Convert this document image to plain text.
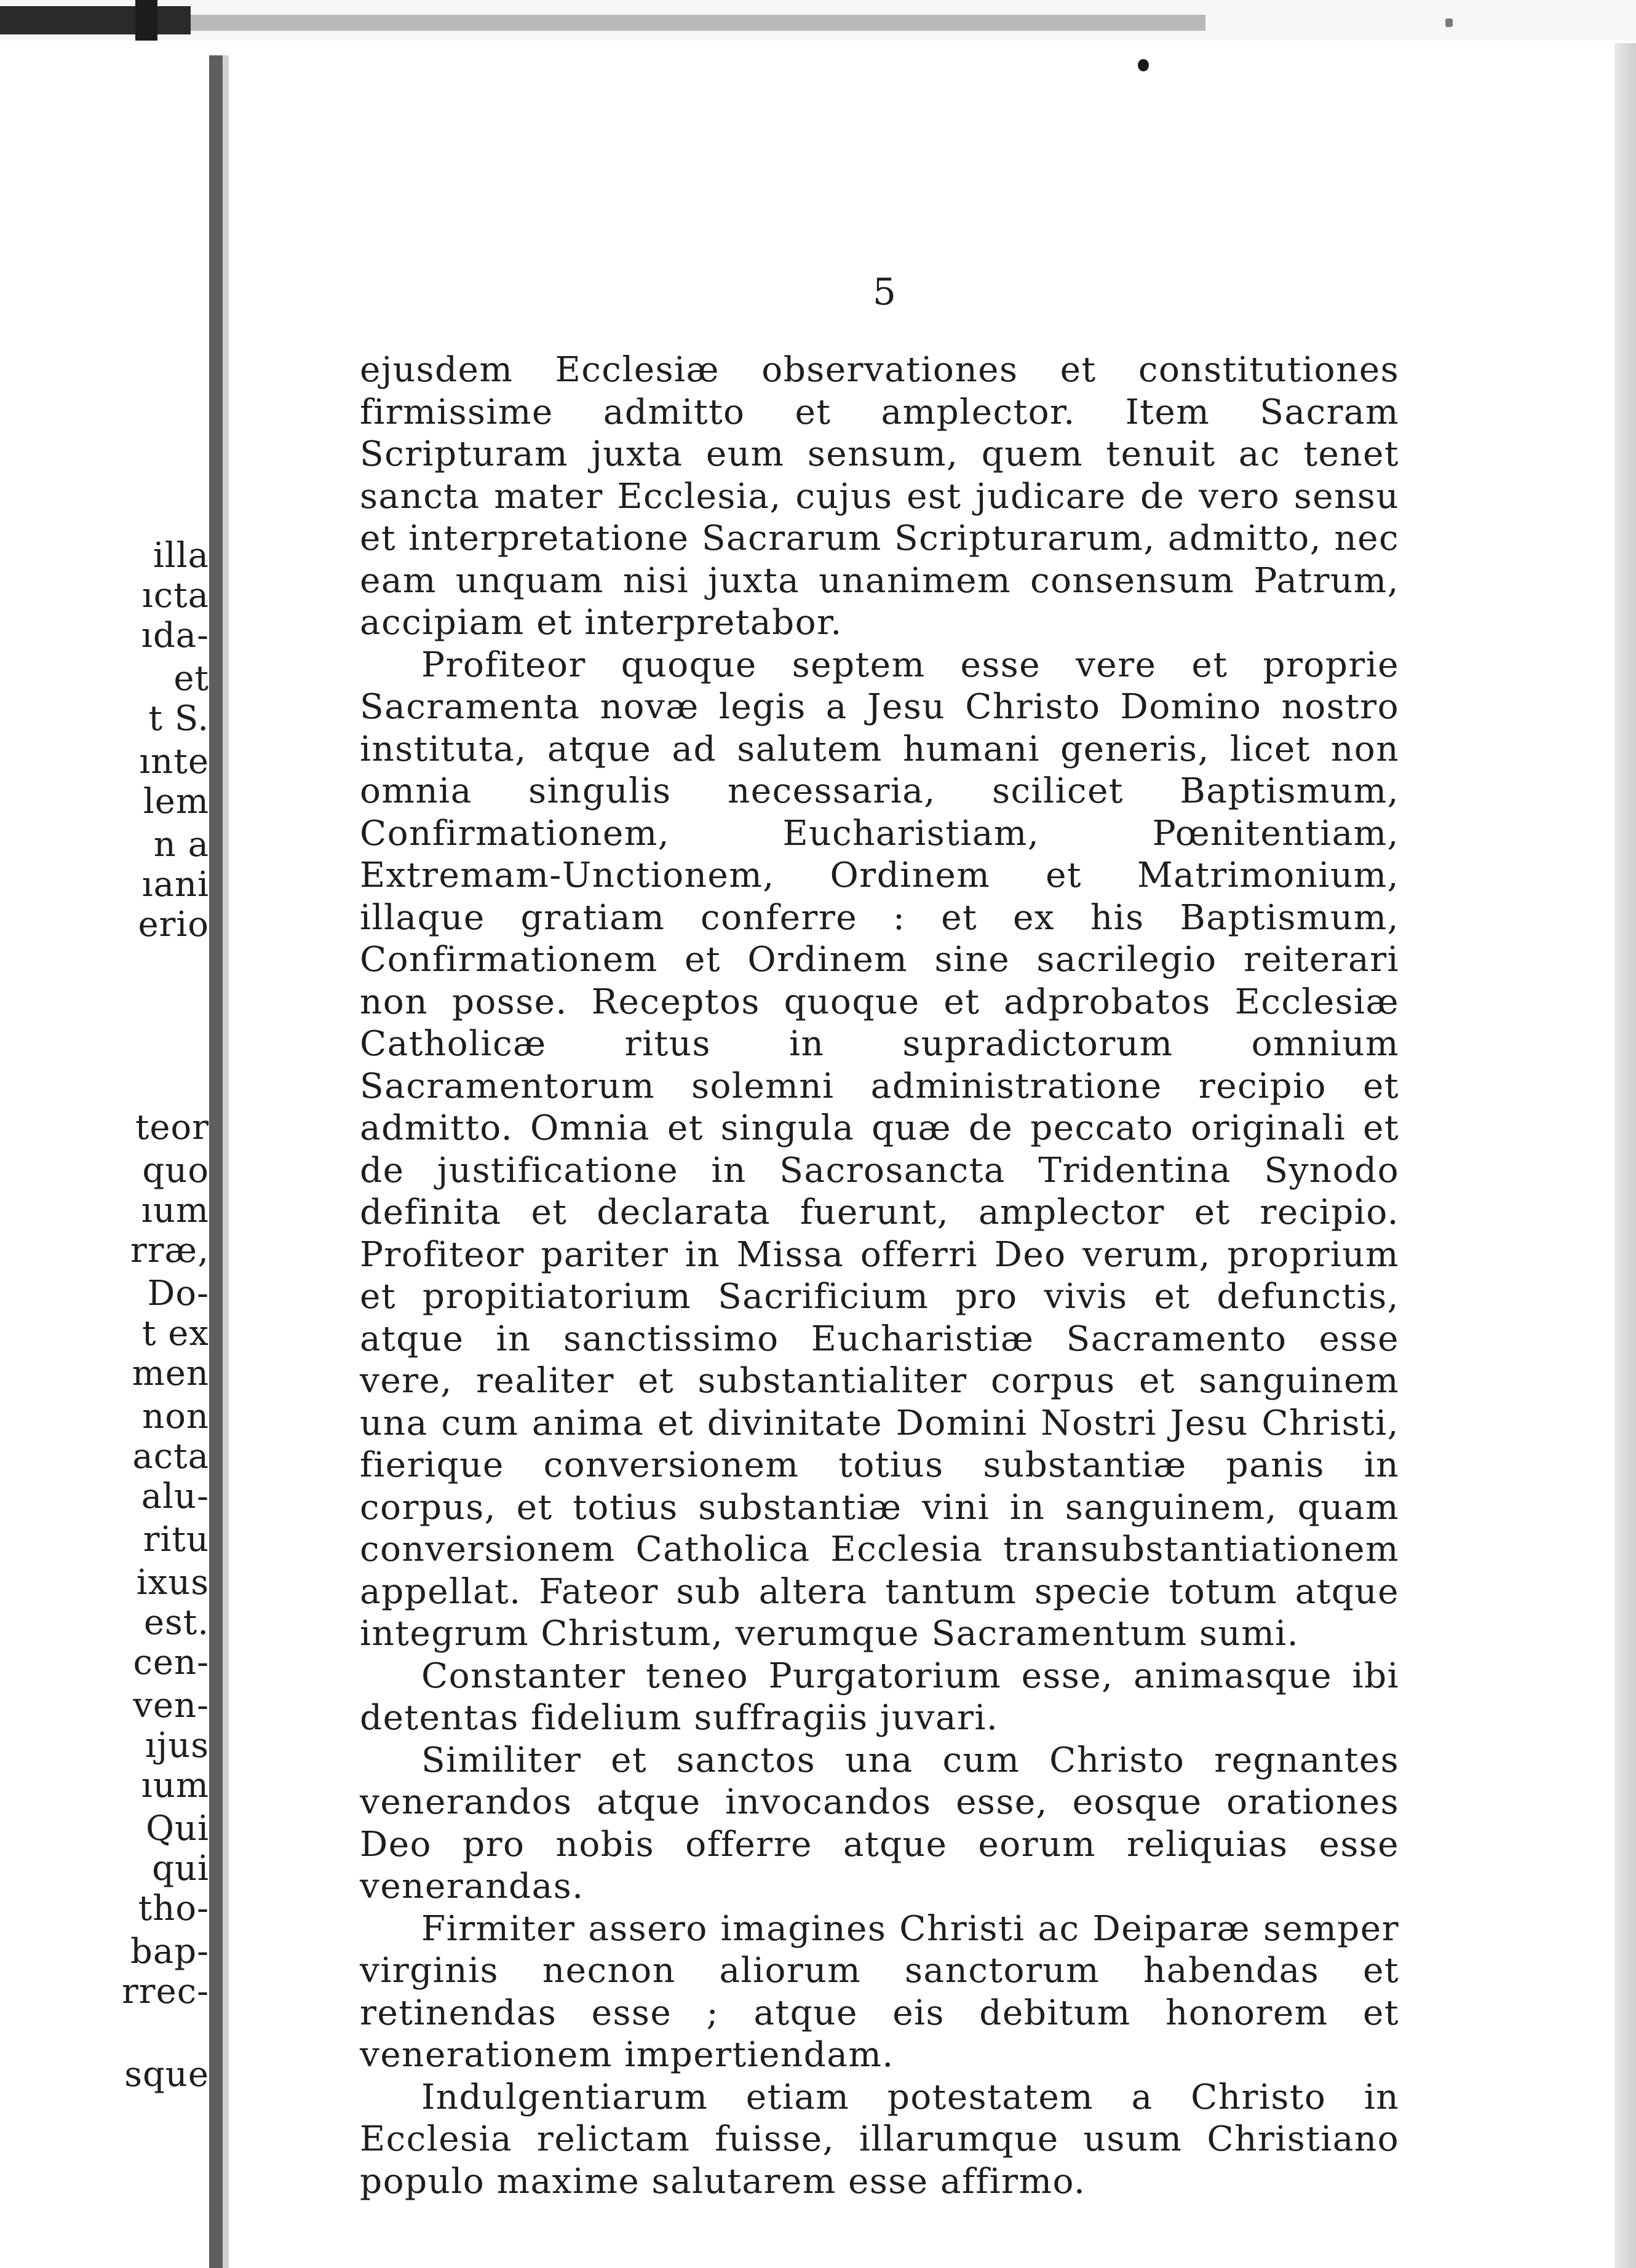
illa
ıcta
ıda-
et
t S.
ınte
lem
n a
ıani
erio
teor
quo
ıum
rræ,
Do-
t ex
men
non
acta
alu-
ritu
ixus
est.
cen-
ven-
ıjus
ıum
Qui
qui
tho-
bap-
rrec-
sque
5

ejusdem Ecclesiæ observationes et constitutiones firmissime admitto et amplector. Item Sacram Scripturam juxta eum sensum, quem tenuit ac tenet sancta mater Ecclesia, cujus est judicare de vero sensu et interpretatione Sacrarum Scripturarum, admitto, nec eam unquam nisi juxta unanimem consensum Patrum, accipiam et interpretabor.

Profiteor quoque septem esse vere et proprie Sacramenta novæ legis a Jesu Christo Domino nostro instituta, atque ad salutem humani generis, licet non omnia singulis necessaria, scilicet Baptismum, Confirmationem, Eucharistiam, Pœnitentiam, Extremam-Unctionem, Ordinem et Matrimonium, illaque gratiam conferre : et ex his Baptismum, Confirmationem et Ordinem sine sacrilegio reiterari non posse. Receptos quoque et adprobatos Ecclesiæ Catholicæ ritus in supradictorum omnium Sacramentorum solemni administratione recipio et admitto. Omnia et singula quæ de peccato originali et de justificatione in Sacrosancta Tridentina Synodo definita et declarata fuerunt, amplector et recipio. Profiteor pariter in Missa offerri Deo verum, proprium et propitiatorium Sacrificium pro vivis et defunctis, atque in sanctissimo Eucharistiæ Sacramento esse vere, realiter et substantialiter corpus et sanguinem una cum anima et divinitate Domini Nostri Jesu Christi, fierique conversionem totius substantiæ panis in corpus, et totius substantiæ vini in sanguinem, quam conversionem Catholica Ecclesia transubstantiationem appellat. Fateor sub altera tantum specie totum atque integrum Christum, verumque Sacramentum sumi.

Constanter teneo Purgatorium esse, animasque ibi detentas fidelium suffragiis juvari.

Similiter et sanctos una cum Christo regnantes venerandos atque invocandos esse, eosque orationes Deo pro nobis offerre atque eorum reliquias esse venerandas.

Firmiter assero imagines Christi ac Deiparæ semper virginis necnon aliorum sanctorum habendas et retinendas esse ; atque eis debitum honorem et venerationem impertiendam.

Indulgentiarum etiam potestatem a Christo in Ecclesia relictam fuisse, illarumque usum Christiano populo maxime salutarem esse affirmo.
